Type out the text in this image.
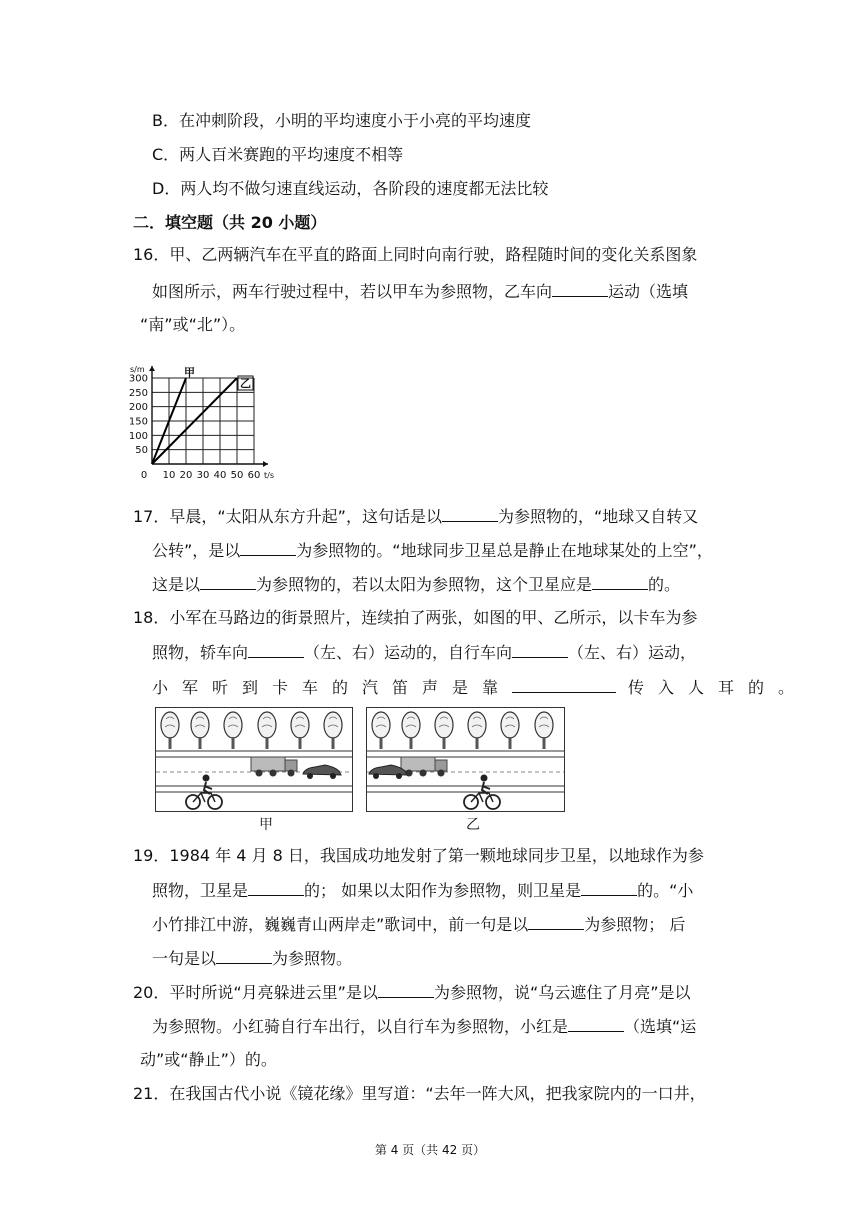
B．在冲刺阶段，小明的平均速度小于小亮的平均速度
C．两人百米赛跑的平均速度不相等
D．两人均不做匀速直线运动，各阶段的速度都无法比较
二．填空题（共 20 小题）
16．甲、乙两辆汽车在平直的路面上同时向南行驶，路程随时间的变化关系图象
如图所示，两车行驶过程中，若以甲车为参照物，乙车向	运动（选填
“南”或“北”）。
0 10 20 30 40 50 60
50
100
150
200
250
300
t/s
s/m	甲
乙
17．早晨，“太阳从东方升起”，这句话是以	为参照物的，“地球又自转又
公转”，是以	为参照物的。“地球同步卫星总是静止在地球某处的上空”，
这是以	为参照物的，若以太阳为参照物，这个卫星应是	的。
18．小军在马路边的街景照片，连续拍了两张，如图的甲、乙所示，以卡车为参
照物，轿车向	（左、右）运动的，自行车向	（左、右）运动，
小军听到卡车的汽笛声是靠	传入人耳的。
甲	乙
19．1984 年 4 月 8 日，我国成功地发射了第一颗地球同步卫星，以地球作为参
照物，卫星是	的； 如果以太阳作为参照物，则卫星是	的。“小
小竹排江中游，巍巍青山两岸走”歌词中，前一句是以	为参照物； 后
一句是以	为参照物。
20．平时所说“月亮躲进云里”是以	为参照物，说“乌云遮住了月亮”是以
为参照物。小红骑自行车出行，以自行车为参照物，小红是	（选填“运
动”或“静止”）的。
21．在我国古代小说《镜花缘》里写道：“去年一阵大风，把我家院内的一口井，
第 4 页（共 42 页）
